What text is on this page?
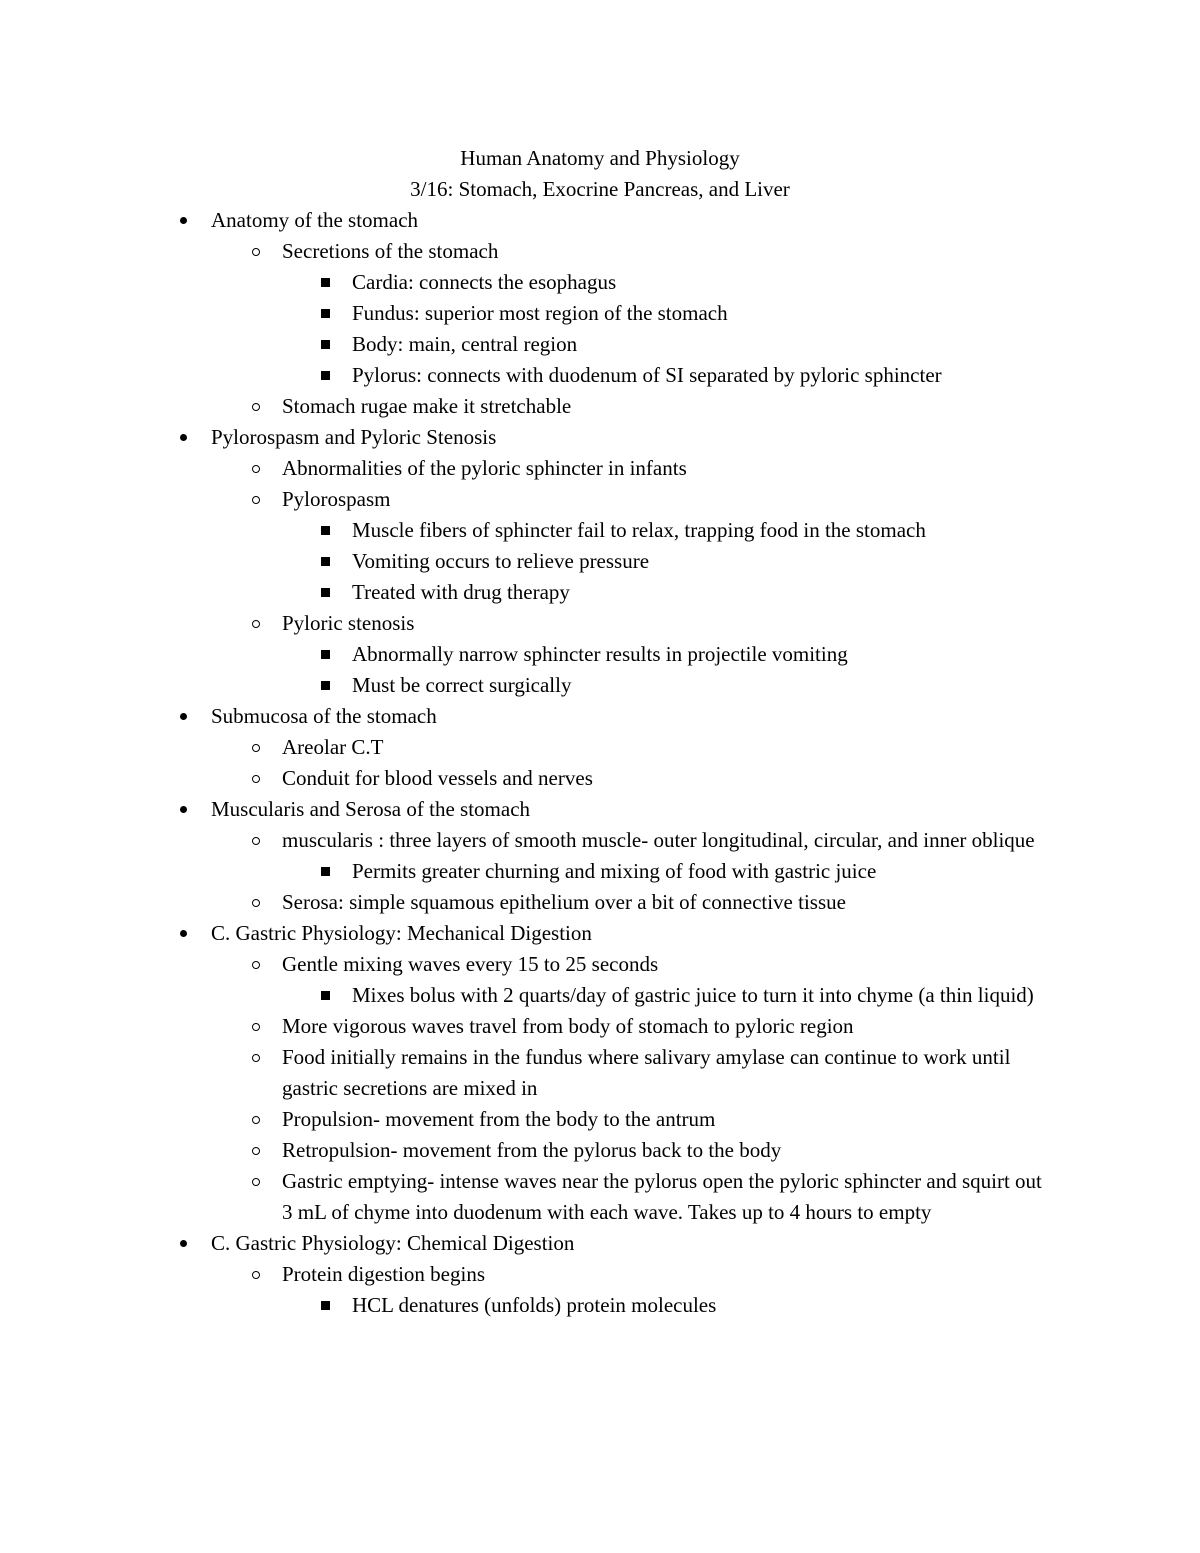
Human Anatomy and Physiology
3/16: Stomach, Exocrine Pancreas, and Liver
Anatomy of the stomach
Secretions of the stomach
Cardia: connects the esophagus
Fundus: superior most region of the stomach
Body: main, central region
Pylorus: connects with duodenum of SI separated by pyloric sphincter
Stomach rugae make it stretchable
Pylorospasm and Pyloric Stenosis
Abnormalities of the pyloric sphincter in infants
Pylorospasm
Muscle fibers of sphincter fail to relax, trapping food in the stomach
Vomiting occurs to relieve pressure
Treated with drug therapy
Pyloric stenosis
Abnormally narrow sphincter results in projectile vomiting
Must be correct surgically
Submucosa of the stomach
Areolar C.T
Conduit for blood vessels and nerves
Muscularis and Serosa of the stomach
muscularis : three layers of smooth muscle- outer longitudinal, circular, and inner oblique
Permits greater churning and mixing of food with gastric juice
Serosa: simple squamous epithelium over a bit of connective tissue
C. Gastric Physiology: Mechanical Digestion
Gentle mixing waves every 15 to 25 seconds
Mixes bolus with 2 quarts/day of gastric juice to turn it into chyme (a thin liquid)
More vigorous waves travel from body of stomach to pyloric region
Food initially remains in the fundus where salivary amylase can continue to work until gastric secretions are mixed in
Propulsion- movement from the body to the antrum
Retropulsion- movement from the pylorus back to the body
Gastric emptying- intense waves near the pylorus open the pyloric sphincter and squirt out 3 mL of chyme into duodenum with each wave. Takes up to 4 hours to empty
C. Gastric Physiology: Chemical Digestion
Protein digestion begins
HCL denatures (unfolds) protein molecules
